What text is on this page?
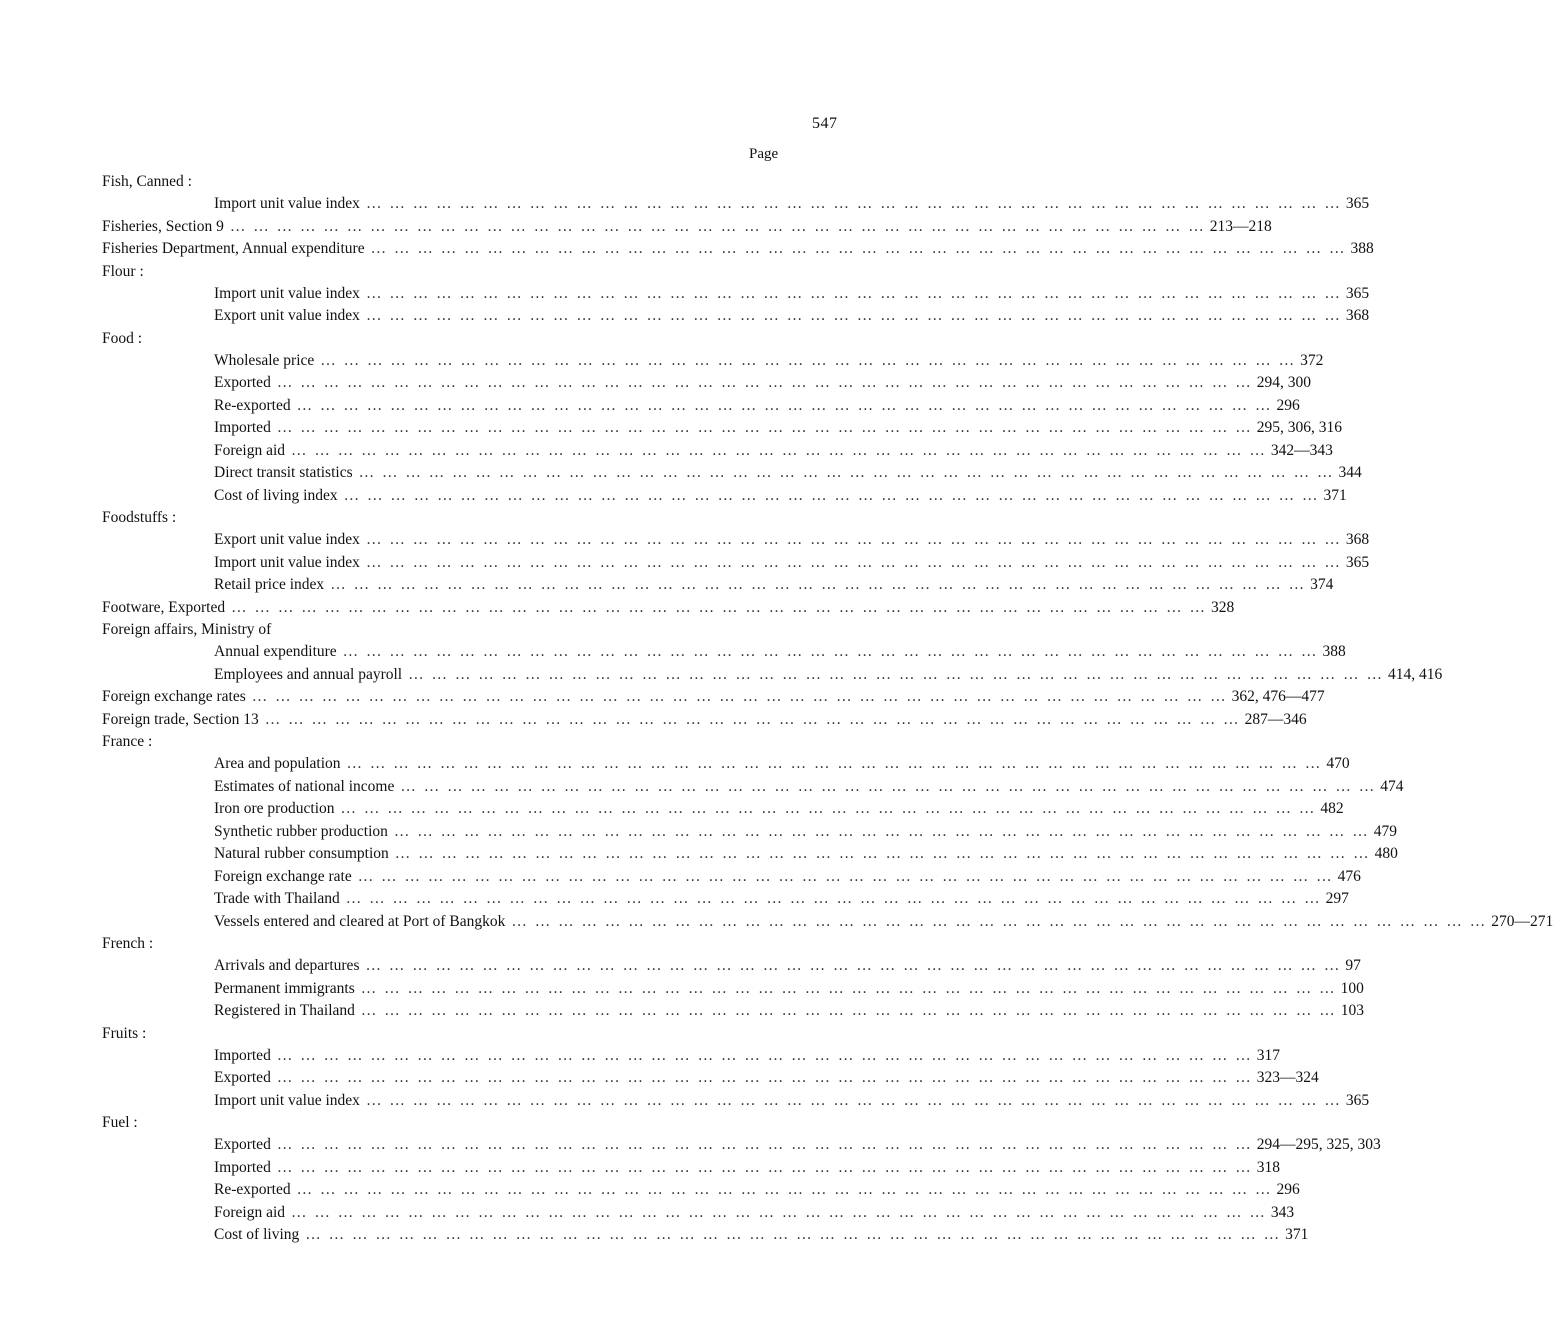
547
Page
Fish, Canned :
Import unit value index … … … … … … … … … … … … … … … … … … … … … … … … … … … … … … … … … … … … … … … … … … 365
Fisheries, Section 9 … … … … … … … … … … … … … … … … … … … … … … … … … … … … … … … … … … … … … … … … … … 213—218
Fisheries Department, Annual expenditure … … … … … … … … … … … … … … … … … … … … … … … … … … … … … … … … … … … … … … … … … … 388
Flour :
Import unit value index … … … … … … … … … … … … … … … … … … … … … … … … … … … … … … … … … … … … … … … … … … 365
Export unit value index … … … … … … … … … … … … … … … … … … … … … … … … … … … … … … … … … … … … … … … … … … 368
Food :
Wholesale price … … … … … … … … … … … … … … … … … … … … … … … … … … … … … … … … … … … … … … … … … … 372
Exported … … … … … … … … … … … … … … … … … … … … … … … … … … … … … … … … … … … … … … … … … … 294, 300
Re-exported … … … … … … … … … … … … … … … … … … … … … … … … … … … … … … … … … … … … … … … … … … 296
Imported … … … … … … … … … … … … … … … … … … … … … … … … … … … … … … … … … … … … … … … … … … 295, 306, 316
Foreign aid … … … … … … … … … … … … … … … … … … … … … … … … … … … … … … … … … … … … … … … … … … 342—343
Direct transit statistics … … … … … … … … … … … … … … … … … … … … … … … … … … … … … … … … … … … … … … … … … … 344
Cost of living index … … … … … … … … … … … … … … … … … … … … … … … … … … … … … … … … … … … … … … … … … … 371
Foodstuffs :
Export unit value index … … … … … … … … … … … … … … … … … … … … … … … … … … … … … … … … … … … … … … … … … … 368
Import unit value index … … … … … … … … … … … … … … … … … … … … … … … … … … … … … … … … … … … … … … … … … … 365
Retail price index … … … … … … … … … … … … … … … … … … … … … … … … … … … … … … … … … … … … … … … … … … 374
Footware, Exported … … … … … … … … … … … … … … … … … … … … … … … … … … … … … … … … … … … … … … … … … … 328
Foreign affairs, Ministry of
Annual expenditure … … … … … … … … … … … … … … … … … … … … … … … … … … … … … … … … … … … … … … … … … … 388
Employees and annual payroll … … … … … … … … … … … … … … … … … … … … … … … … … … … … … … … … … … … … … … … … … … 414, 416
Foreign exchange rates … … … … … … … … … … … … … … … … … … … … … … … … … … … … … … … … … … … … … … … … … … 362, 476—477
Foreign trade, Section 13 … … … … … … … … … … … … … … … … … … … … … … … … … … … … … … … … … … … … … … … … … … 287—346
France :
Area and population … … … … … … … … … … … … … … … … … … … … … … … … … … … … … … … … … … … … … … … … … … 470
Estimates of national income … … … … … … … … … … … … … … … … … … … … … … … … … … … … … … … … … … … … … … … … … … 474
Iron ore production … … … … … … … … … … … … … … … … … … … … … … … … … … … … … … … … … … … … … … … … … … 482
Synthetic rubber production … … … … … … … … … … … … … … … … … … … … … … … … … … … … … … … … … … … … … … … … … … 479
Natural rubber consumption … … … … … … … … … … … … … … … … … … … … … … … … … … … … … … … … … … … … … … … … … … 480
Foreign exchange rate … … … … … … … … … … … … … … … … … … … … … … … … … … … … … … … … … … … … … … … … … … 476
Trade with Thailand … … … … … … … … … … … … … … … … … … … … … … … … … … … … … … … … … … … … … … … … … … 297
Vessels entered and cleared at Port of Bangkok … … … … … … … … … … … … … … … … … … … … … … … … … … … … … … … … … … … … … … … … … … 270—271
French :
Arrivals and departures … … … … … … … … … … … … … … … … … … … … … … … … … … … … … … … … … … … … … … … … … … 97
Permanent immigrants … … … … … … … … … … … … … … … … … … … … … … … … … … … … … … … … … … … … … … … … … … 100
Registered in Thailand … … … … … … … … … … … … … … … … … … … … … … … … … … … … … … … … … … … … … … … … … … 103
Fruits :
Imported … … … … … … … … … … … … … … … … … … … … … … … … … … … … … … … … … … … … … … … … … … 317
Exported … … … … … … … … … … … … … … … … … … … … … … … … … … … … … … … … … … … … … … … … … … 323—324
Import unit value index … … … … … … … … … … … … … … … … … … … … … … … … … … … … … … … … … … … … … … … … … … 365
Fuel :
Exported … … … … … … … … … … … … … … … … … … … … … … … … … … … … … … … … … … … … … … … … … … 294—295, 325, 303
Imported … … … … … … … … … … … … … … … … … … … … … … … … … … … … … … … … … … … … … … … … … … 318
Re-exported … … … … … … … … … … … … … … … … … … … … … … … … … … … … … … … … … … … … … … … … … … 296
Foreign aid … … … … … … … … … … … … … … … … … … … … … … … … … … … … … … … … … … … … … … … … … … 343
Cost of living … … … … … … … … … … … … … … … … … … … … … … … … … … … … … … … … … … … … … … … … … … 371
